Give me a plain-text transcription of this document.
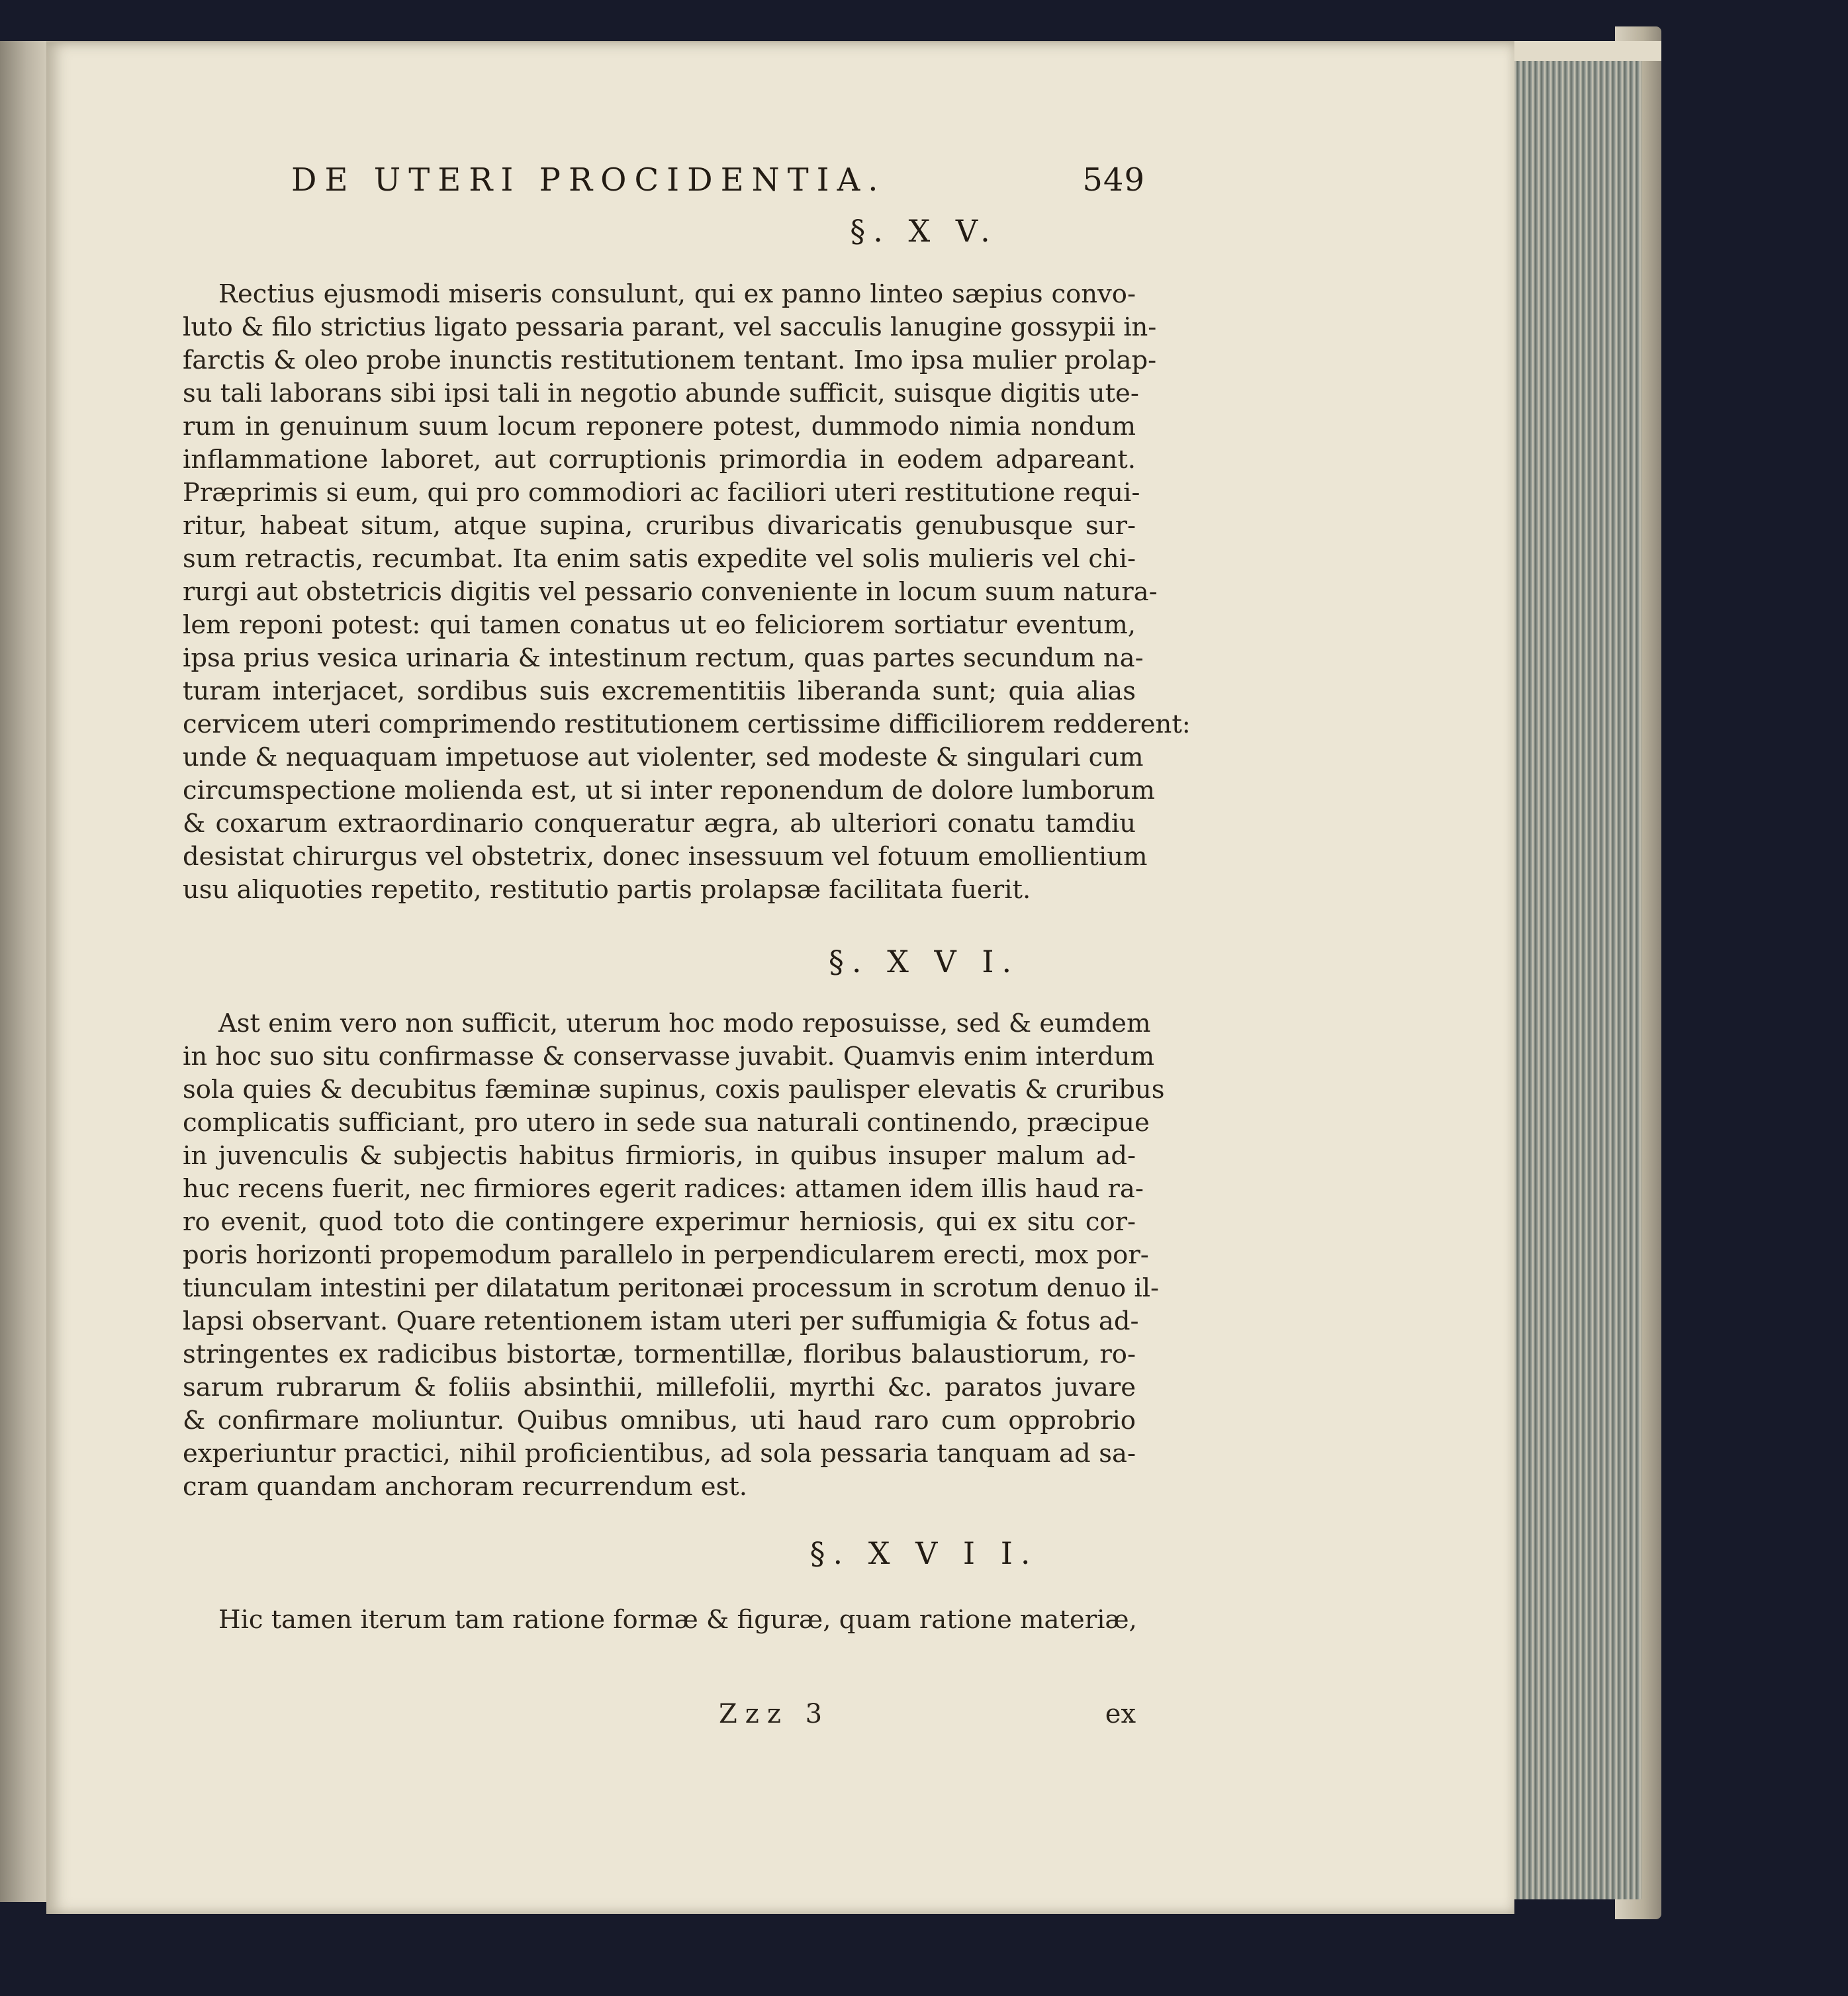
DE UTERI PROCIDENTIA.	549
§. X V.
Rectius ejusmodi miseris consulunt, qui ex panno linteo sæpius convo-
luto & filo strictius ligato pessaria parant, vel sacculis lanugine gossypii in-
farctis & oleo probe inunctis restitutionem tentant. Imo ipsa mulier prolap-
su tali laborans sibi ipsi tali in negotio abunde sufficit, suisque digitis ute-
rum in genuinum suum locum reponere potest, dummodo nimia nondum
inflammatione laboret, aut corruptionis primordia in eodem adpareant.
Præprimis si eum, qui pro commodiori ac faciliori uteri restitutione requi-
ritur, habeat situm, atque supina, cruribus divaricatis genubusque sur-
sum retractis, recumbat. Ita enim satis expedite vel solis mulieris vel chi-
rurgi aut obstetricis digitis vel pessario conveniente in locum suum natura-
lem reponi potest: qui tamen conatus ut eo feliciorem sortiatur eventum,
ipsa prius vesica urinaria & intestinum rectum, quas partes secundum na-
turam interjacet, sordibus suis excrementitiis liberanda sunt; quia alias
cervicem uteri comprimendo restitutionem certissime difficiliorem redderent:
unde & nequaquam impetuose aut violenter, sed modeste & singulari cum
circumspectione molienda est, ut si inter reponendum de dolore lumborum
& coxarum extraordinario conqueratur ægra, ab ulteriori conatu tamdiu
desistat chirurgus vel obstetrix, donec insessuum vel fotuum emollientium
usu aliquoties repetito, restitutio partis prolapsæ facilitata fuerit.
§. X V I.
Ast enim vero non sufficit, uterum hoc modo reposuisse, sed & eumdem
in hoc suo situ confirmasse & conservasse juvabit. Quamvis enim interdum
sola quies & decubitus fæminæ supinus, coxis paulisper elevatis & cruribus
complicatis sufficiant, pro utero in sede sua naturali continendo, præcipue
in juvenculis & subjectis habitus firmioris, in quibus insuper malum ad-
huc recens fuerit, nec firmiores egerit radices: attamen idem illis haud ra-
ro evenit, quod toto die contingere experimur herniosis, qui ex situ cor-
poris horizonti propemodum parallelo in perpendicularem erecti, mox por-
tiunculam intestini per dilatatum peritonæi processum in scrotum denuo il-
lapsi observant. Quare retentionem istam uteri per suffumigia & fotus ad-
stringentes ex radicibus bistortæ, tormentillæ, floribus balaustiorum, ro-
sarum rubrarum & foliis absinthii, millefolii, myrthi &c. paratos juvare
& confirmare moliuntur. Quibus omnibus, uti haud raro cum opprobrio
experiuntur practici, nihil proficientibus, ad sola pessaria tanquam ad sa-
cram quandam anchoram recurrendum est.
§. X V I I.
Hic tamen iterum tam ratione formæ & figuræ, quam ratione materiæ,
Zzz 3	ex
